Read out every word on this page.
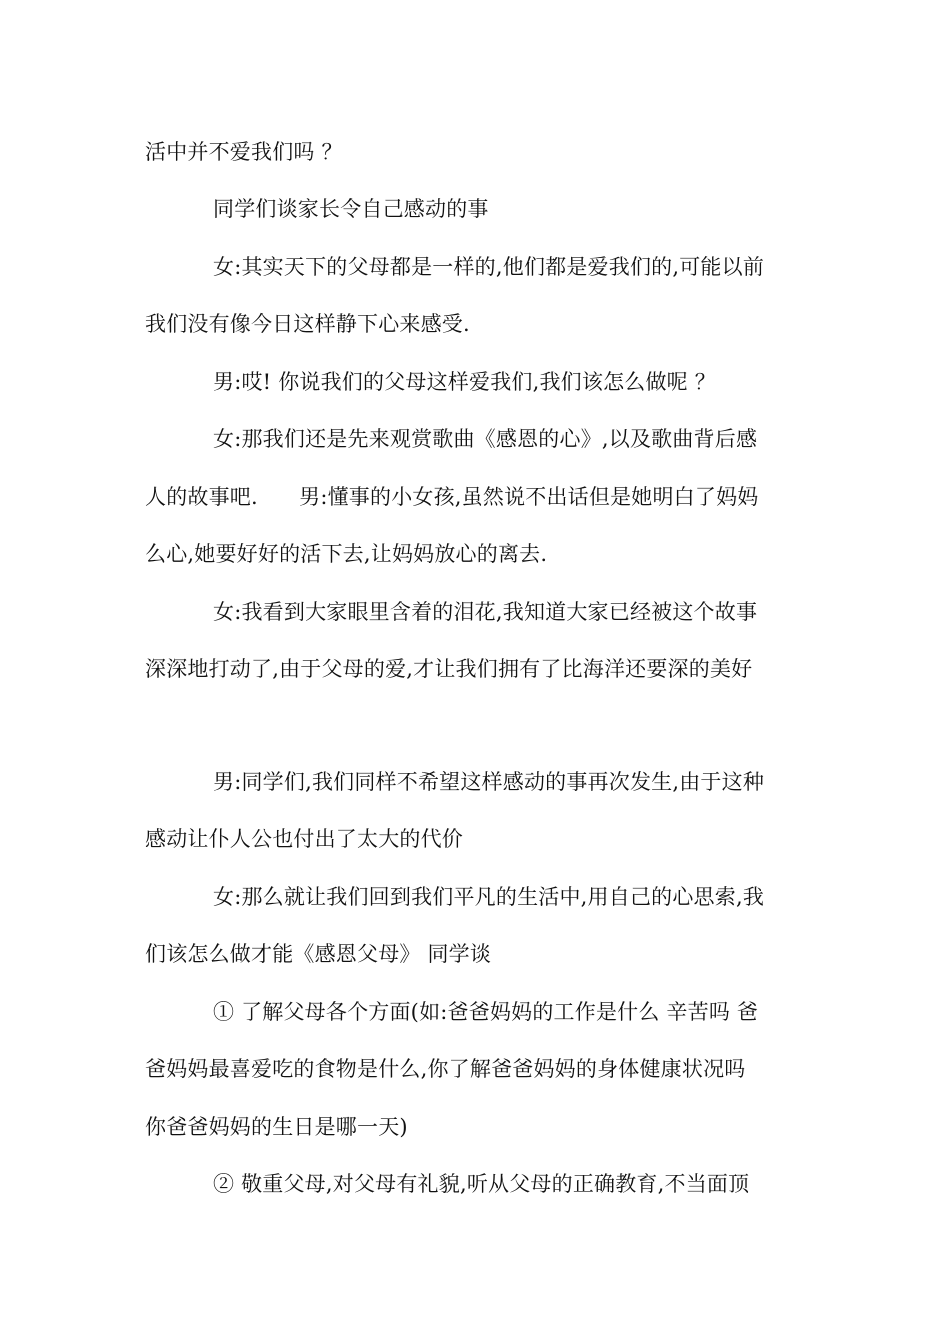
活中并不爱我们吗 ？
同学们谈家长令自己感动的事
女:其实天下的父母都是一样的,他们都是爱我们的,可能以前
我们没有像今日这样静下心来感受.
男:哎! 你说我们的父母这样爱我们,我们该怎么做呢 ？
女:那我们还是先来观赏歌曲《感恩的心》,以及歌曲背后感
人的故事吧.      男:懂事的小女孩,虽然说不出话但是她明白了妈妈
么心,她要好好的活下去,让妈妈放心的离去.
女:我看到大家眼里含着的泪花,我知道大家已经被这个故事
深深地打动了,由于父母的爱,才让我们拥有了比海洋还要深的美好
男:同学们,我们同样不希望这样感动的事再次发生,由于这种
感动让仆人公也付出了太大的代价
女:那么就让我们回到我们平凡的生活中,用自己的心思索,我
们该怎么做才能《感恩父母》 同学谈
① 了解父母各个方面(如:爸爸妈妈的工作是什么 辛苦吗 爸
爸妈妈最喜爱吃的食物是什么,你了解爸爸妈妈的身体健康状况吗
你爸爸妈妈的生日是哪一天)
② 敬重父母,对父母有礼貌,听从父母的正确教育,不当面顶
